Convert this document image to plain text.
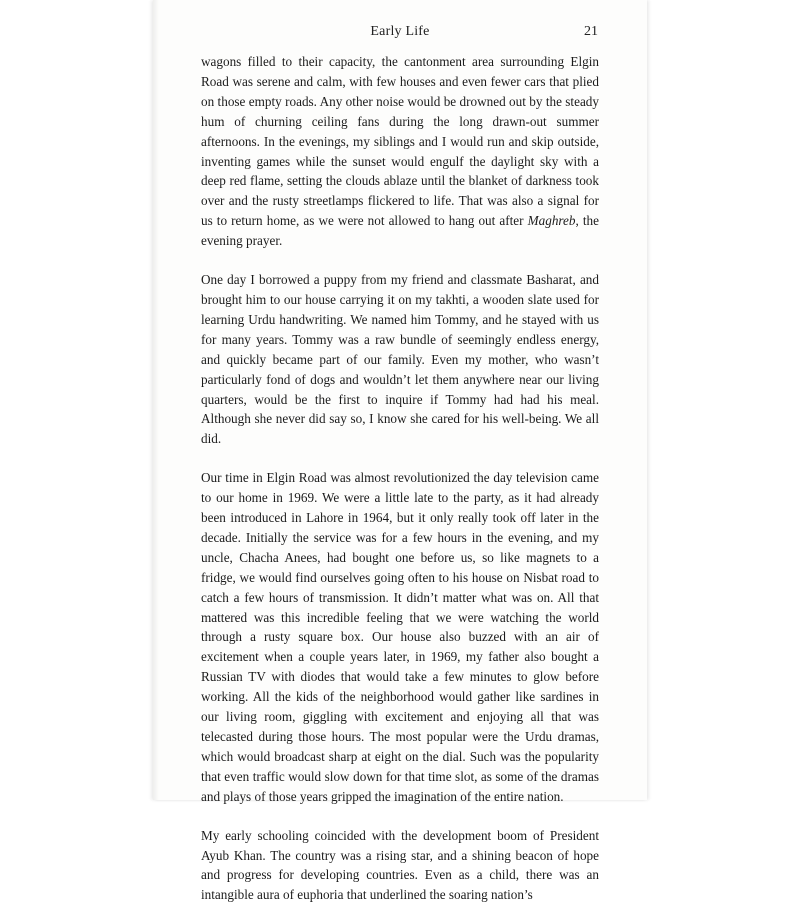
Early Life	21

wagons filled to their capacity, the cantonment area surrounding Elgin Road was serene and calm, with few houses and even fewer cars that plied on those empty roads. Any other noise would be drowned out by the steady hum of churning ceiling fans during the long drawn-out summer afternoons. In the evenings, my siblings and I would run and skip outside, inventing games while the sunset would engulf the daylight sky with a deep red flame, setting the clouds ablaze until the blanket of darkness took over and the rusty streetlamps flickered to life. That was also a signal for us to return home, as we were not allowed to hang out after Maghreb, the evening prayer.

One day I borrowed a puppy from my friend and classmate Basharat, and brought him to our house carrying it on my takhti, a wooden slate used for learning Urdu handwriting. We named him Tommy, and he stayed with us for many years. Tommy was a raw bundle of seemingly endless energy, and quickly became part of our family. Even my mother, who wasn’t particularly fond of dogs and wouldn’t let them anywhere near our living quarters, would be the first to inquire if Tommy had had his meal. Although she never did say so, I know she cared for his well-being. We all did.

Our time in Elgin Road was almost revolutionized the day television came to our home in 1969. We were a little late to the party, as it had already been introduced in Lahore in 1964, but it only really took off later in the decade. Initially the service was for a few hours in the evening, and my uncle, Chacha Anees, had bought one before us, so like magnets to a fridge, we would find ourselves going often to his house on Nisbat road to catch a few hours of transmission. It didn’t matter what was on. All that mattered was this incredible feeling that we were watching the world through a rusty square box. Our house also buzzed with an air of excitement when a couple years later, in 1969, my father also bought a Russian TV with diodes that would take a few minutes to glow before working. All the kids of the neighborhood would gather like sardines in our living room, giggling with excitement and enjoying all that was telecasted during those hours. The most popular were the Urdu dramas, which would broadcast sharp at eight on the dial. Such was the popularity that even traffic would slow down for that time slot, as some of the dramas and plays of those years gripped the imagination of the entire nation.

My early schooling coincided with the development boom of President Ayub Khan. The country was a rising star, and a shining beacon of hope and progress for developing countries. Even as a child, there was an intangible aura of euphoria that underlined the soaring nation’s
